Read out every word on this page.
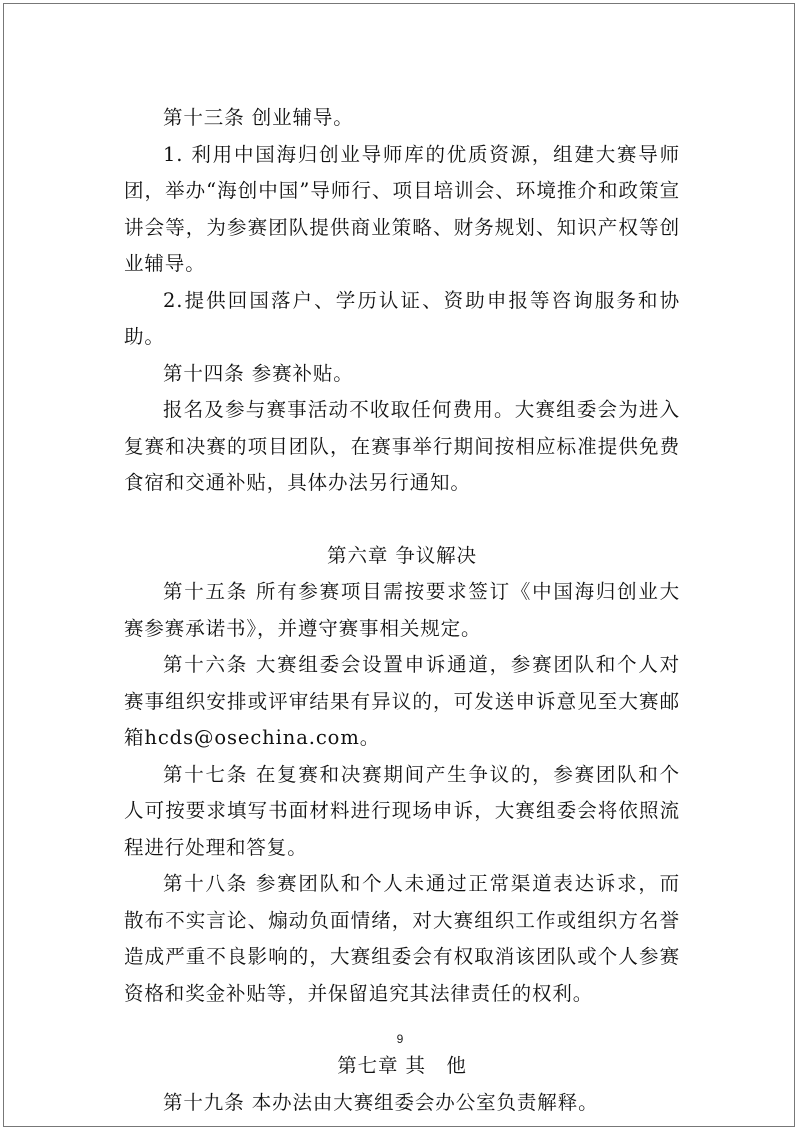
第十三条 创业辅导。

1. 利用中国海归创业导师库的优质资源，组建大赛导师团，举办“海创中国”导师行、项目培训会、环境推介和政策宣讲会等，为参赛团队提供商业策略、财务规划、知识产权等创业辅导。

2.提供回国落户、学历认证、资助申报等咨询服务和协助。

第十四条 参赛补贴。

报名及参与赛事活动不收取任何费用。大赛组委会为进入复赛和决赛的项目团队，在赛事举行期间按相应标准提供免费食宿和交通补贴，具体办法另行通知。

第六章 争议解决

第十五条 所有参赛项目需按要求签订《中国海归创业大赛参赛承诺书》，并遵守赛事相关规定。

第十六条 大赛组委会设置申诉通道，参赛团队和个人对赛事组织安排或评审结果有异议的，可发送申诉意见至大赛邮箱hcds@osechina.com。

第十七条 在复赛和决赛期间产生争议的，参赛团队和个人可按要求填写书面材料进行现场申诉，大赛组委会将依照流程进行处理和答复。

第十八条 参赛团队和个人未通过正常渠道表达诉求，而散布不实言论、煽动负面情绪，对大赛组织工作或组织方名誉造成严重不良影响的，大赛组委会有权取消该团队或个人参赛资格和奖金补贴等，并保留追究其法律责任的权利。

第七章 其　他

第十九条 本办法由大赛组委会办公室负责解释。

9
